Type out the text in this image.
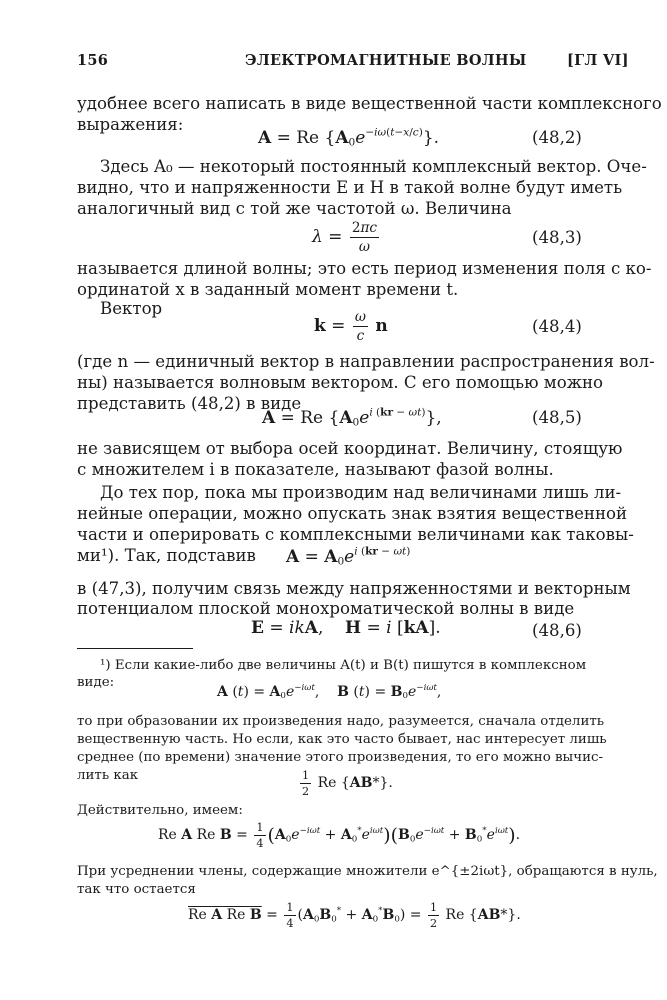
156	ЭЛЕКТРОМАГНИТНЫЕ ВОЛНЫ	[ГЛ VI]
удобнее всего написать в виде вещественной части комплексного
выражения:
A = Re $\{A_0e^{-i\omega(t-x/c)}\}$.	(48,2)
Здесь A₀ — некоторый постоянный комплексный вектор. Оче-
видно, что и напряженности E и H в такой волне будут иметь
аналогичный вид с той же частотой ω. Величина
$\lambda = \frac{2\pi c}{\omega}$	(48,3)
называется длиной волны; это есть период изменения поля с ко-
ординатой x в заданный момент времени t.
Вектор
$k = \frac{\omega}{c}$ n	(48,4)
(где n — единичный вектор в направлении распространения вол-
ны) называется волновым вектором. С его помощью можно
представить (48,2) в виде
A = Re $\{A_0e^{i (kr - \omega t)}\}$,	(48,5)
не зависящем от выбора осей координат. Величину, стоящую
с множителем i в показателе, называют фазой волны.
До тех пор, пока мы производим над величинами лишь ли-
нейные операции, можно опускать знак взятия вещественной
части и оперировать с комплексными величинами как таковы-
ми¹). Так, подставив $A = A_0e^{i (kr - \omega t)}$
в (47,3), получим связь между напряженностями и векторным
потенциалом плоской монохроматической волны в виде
E = ikA,    H = i [kA].	(48,6)
¹) Если какие-либо две величины A(t) и B(t) пишутся в комплексном
виде:
A $(t) = A_0e^{-i\omega t}$,    B $(t) = B_0e^{-i\omega t}$,
то при образовании их произведения надо, разумеется, сначала отделить
вещественную часть. Но если, как это часто бывает, нас интересует лишь
среднее (по времени) значение этого произведения, то его можно вычис-
лить как	$\frac{1}{2}$ Re {AB*}.
Действительно, имеем:
Re A Re $B = \frac{1}{4} (A_0e^{-i\omega t} + A_0^*e^{i\omega t})(B_0e^{-i\omega t} + B_0^*e^{i\omega t})$.
При усреднении члены, содержащие множители e^{±2iωt}, обращаются в нуль,
так что остается
Re A Re $B = \frac{1}{4} (A_0B_0^* + A_0^*B_0) = \frac{1}{2}$ Re {AB*}.
